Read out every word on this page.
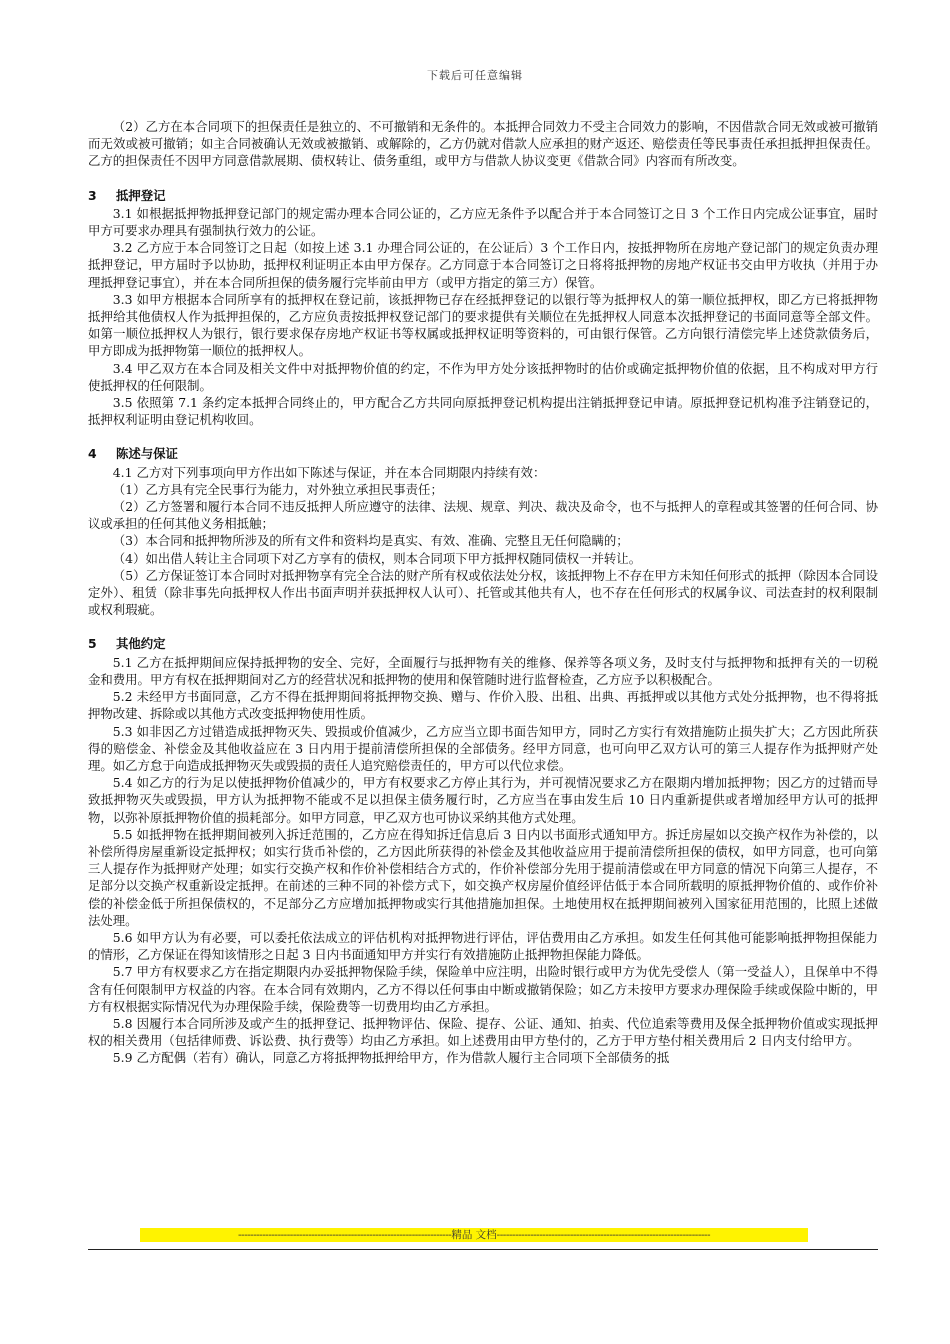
下载后可任意编辑

（2）乙方在本合同项下的担保责任是独立的、不可撤销和无条件的。本抵押合同效力不受主合同效力的影响，不因借款合同无效或被可撤销而无效或被可撤销；如主合同被确认无效或被撤销、或解除的，乙方仍就对借款人应承担的财产返还、赔偿责任等民事责任承担抵押担保责任。乙方的担保责任不因甲方同意借款展期、债权转让、债务重组，或甲方与借款人协议变更《借款合同》内容而有所改变。

3 抵押登记

3.1 如根据抵押物抵押登记部门的规定需办理本合同公证的，乙方应无条件予以配合并于本合同签订之日 3 个工作日内完成公证事宜，届时甲方可要求办理具有强制执行效力的公证。

3.2 乙方应于本合同签订之日起（如按上述 3.1 办理合同公证的，在公证后）3 个工作日内，按抵押物所在房地产登记部门的规定负责办理抵押登记，甲方届时予以协助，抵押权利证明正本由甲方保存。乙方同意于本合同签订之日将将抵押物的房地产权证书交由甲方收执（并用于办理抵押登记事宜），并在本合同所担保的债务履行完毕前由甲方（或甲方指定的第三方）保管。

3.3 如甲方根据本合同所享有的抵押权在登记前，该抵押物已存在经抵押登记的以银行等为抵押权人的第一顺位抵押权，即乙方已将抵押物抵押给其他债权人作为抵押担保的，乙方应负责按抵押权登记部门的要求提供有关顺位在先抵押权人同意本次抵押登记的书面同意等全部文件。如第一顺位抵押权人为银行，银行要求保存房地产权证书等权属或抵押权证明等资料的，可由银行保管。乙方向银行清偿完毕上述贷款债务后，甲方即成为抵押物第一顺位的抵押权人。

3.4 甲乙双方在本合同及相关文件中对抵押物价值的约定，不作为甲方处分该抵押物时的估价或确定抵押物价值的依据，且不构成对甲方行使抵押权的任何限制。

3.5 依照第 7.1 条约定本抵押合同终止的，甲方配合乙方共同向原抵押登记机构提出注销抵押登记申请。原抵押登记机构准予注销登记的，抵押权利证明由登记机构收回。

4 陈述与保证

4.1 乙方对下列事项向甲方作出如下陈述与保证，并在本合同期限内持续有效：

（1）乙方具有完全民事行为能力，对外独立承担民事责任；

（2）乙方签署和履行本合同不违反抵押人所应遵守的法律、法规、规章、判决、裁决及命令，也不与抵押人的章程或其签署的任何合同、协议或承担的任何其他义务相抵触；

（3）本合同和抵押物所涉及的所有文件和资料均是真实、有效、准确、完整且无任何隐瞒的；

（4）如出借人转让主合同项下对乙方享有的债权，则本合同项下甲方抵押权随同债权一并转让。

（5）乙方保证签订本合同时对抵押物享有完全合法的财产所有权或依法处分权，该抵押物上不存在甲方未知任何形式的抵押（除因本合同设定外）、租赁（除非事先向抵押权人作出书面声明并获抵押权人认可）、托管或其他共有人，也不存在任何形式的权属争议、司法查封的权利限制或权利瑕疵。

5 其他约定

5.1 乙方在抵押期间应保持抵押物的安全、完好，全面履行与抵押物有关的维修、保养等各项义务，及时支付与抵押物和抵押有关的一切税金和费用。甲方有权在抵押期间对乙方的经营状况和抵押物的使用和保管随时进行监督检查，乙方应予以积极配合。

5.2 未经甲方书面同意，乙方不得在抵押期间将抵押物交换、赠与、作价入股、出租、出典、再抵押或以其他方式处分抵押物，也不得将抵押物改建、拆除或以其他方式改变抵押物使用性质。

5.3 如非因乙方过错造成抵押物灭失、毁损或价值减少，乙方应当立即书面告知甲方，同时乙方实行有效措施防止损失扩大；乙方因此所获得的赔偿金、补偿金及其他收益应在 3 日内用于提前清偿所担保的全部债务。经甲方同意，也可向甲乙双方认可的第三人提存作为抵押财产处理。如乙方怠于向造成抵押物灭失或毁损的责任人追究赔偿责任的，甲方可以代位求偿。

5.4 如乙方的行为足以使抵押物价值减少的，甲方有权要求乙方停止其行为，并可视情况要求乙方在限期内增加抵押物；因乙方的过错而导致抵押物灭失或毁损，甲方认为抵押物不能或不足以担保主债务履行时，乙方应当在事由发生后 10 日内重新提供或者增加经甲方认可的抵押物，以弥补原抵押物价值的损耗部分。如甲方同意，甲乙双方也可协议采纳其他方式处理。

5.5 如抵押物在抵押期间被列入拆迁范围的，乙方应在得知拆迁信息后 3 日内以书面形式通知甲方。拆迁房屋如以交换产权作为补偿的，以补偿所得房屋重新设定抵押权；如实行货币补偿的，乙方因此所获得的补偿金及其他收益应用于提前清偿所担保的债权，如甲方同意，也可向第三人提存作为抵押财产处理；如实行交换产权和作价补偿相结合方式的，作价补偿部分先用于提前清偿或在甲方同意的情况下向第三人提存，不足部分以交换产权重新设定抵押。在前述的三种不同的补偿方式下，如交换产权房屋价值经评估低于本合同所载明的原抵押物价值的、或作价补偿的补偿金低于所担保债权的，不足部分乙方应增加抵押物或实行其他措施加担保。土地使用权在抵押期间被列入国家征用范围的，比照上述做法处理。

5.6 如甲方认为有必要，可以委托依法成立的评估机构对抵押物进行评估，评估费用由乙方承担。如发生任何其他可能影响抵押物担保能力的情形，乙方保证在得知该情形之日起 3 日内书面通知甲方并实行有效措施防止抵押物担保能力降低。

5.7 甲方有权要求乙方在指定期限内办妥抵押物保险手续，保险单中应注明，出险时银行或甲方为优先受偿人（第一受益人），且保单中不得含有任何限制甲方权益的内容。在本合同有效期内，乙方不得以任何事由中断或撤销保险；如乙方未按甲方要求办理保险手续或保险中断的，甲方有权根据实际情况代为办理保险手续，保险费等一切费用均由乙方承担。

5.8 因履行本合同所涉及或产生的抵押登记、抵押物评估、保险、提存、公证、通知、拍卖、代位追索等费用及保全抵押物价值或实现抵押权的相关费用（包括律师费、诉讼费、执行费等）均由乙方承担。如上述费用由甲方垫付的，乙方于甲方垫付相关费用后 2 日内支付给甲方。

5.9 乙方配偶（若有）确认，同意乙方将抵押物抵押给甲方，作为借款人履行主合同项下全部债务的抵

----------------------------------------------------------------------精品 文档----------------------------------------------------------------------
